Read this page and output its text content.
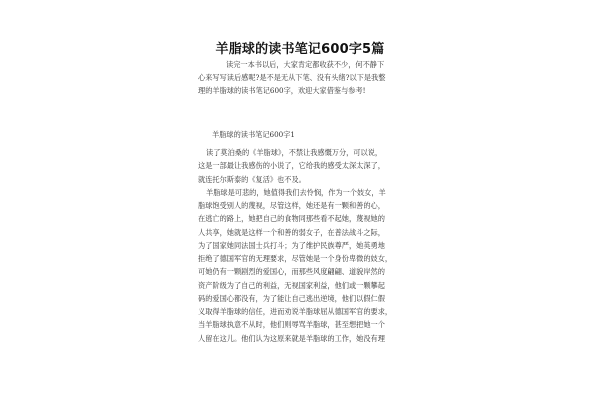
羊脂球的读书笔记600字5篇
读完一本书以后，大家肯定都收获不少，何不静下
心来写写读后感呢?是不是无从下笔、没有头绪?以下是我整
理的羊脂球的读书笔记600字，欢迎大家借鉴与参考!
羊脂球的读书笔记600字1
读了莫泊桑的《羊脂球》，不禁让我感慨万分，可以说，
这是一部最让我感伤的小说了，它给我的感受太深太深了，
就连托尔斯泰的《复活》也不及。
羊脂球是可悲的，她值得我们去怜悯，作为一个妓女，羊
脂球饱受别人的蔑视，尽管这样，她还是有一颗和善的心，
在逃亡的路上，她把自己的食物同那些看不起她，蔑视她的
人共享，她就是这样一个和善的弱女子，在普法战斗之际，
为了国家她同法国士兵打斗；为了维护民族尊严，她英勇地
拒绝了德国军官的无理要求，尽管她是一个身份卑微的妓女，
可她仍有一颗剧烈的爱国心，而那些风度翩翩、道貌岸然的
资产阶级为了自己的利益，无视国家利益，他们或一颗攀起
码的爱国心都没有，为了能让自己逃出逆境，他们以假仁假
义取得羊脂球的信任，进而劝说羊脂球屈从德国军官的要求，
当羊脂球执意不从时，他们则辱骂羊脂球，甚至想把她一个
人留在这儿。他们认为这原来就是羊脂球的工作，她没有理
